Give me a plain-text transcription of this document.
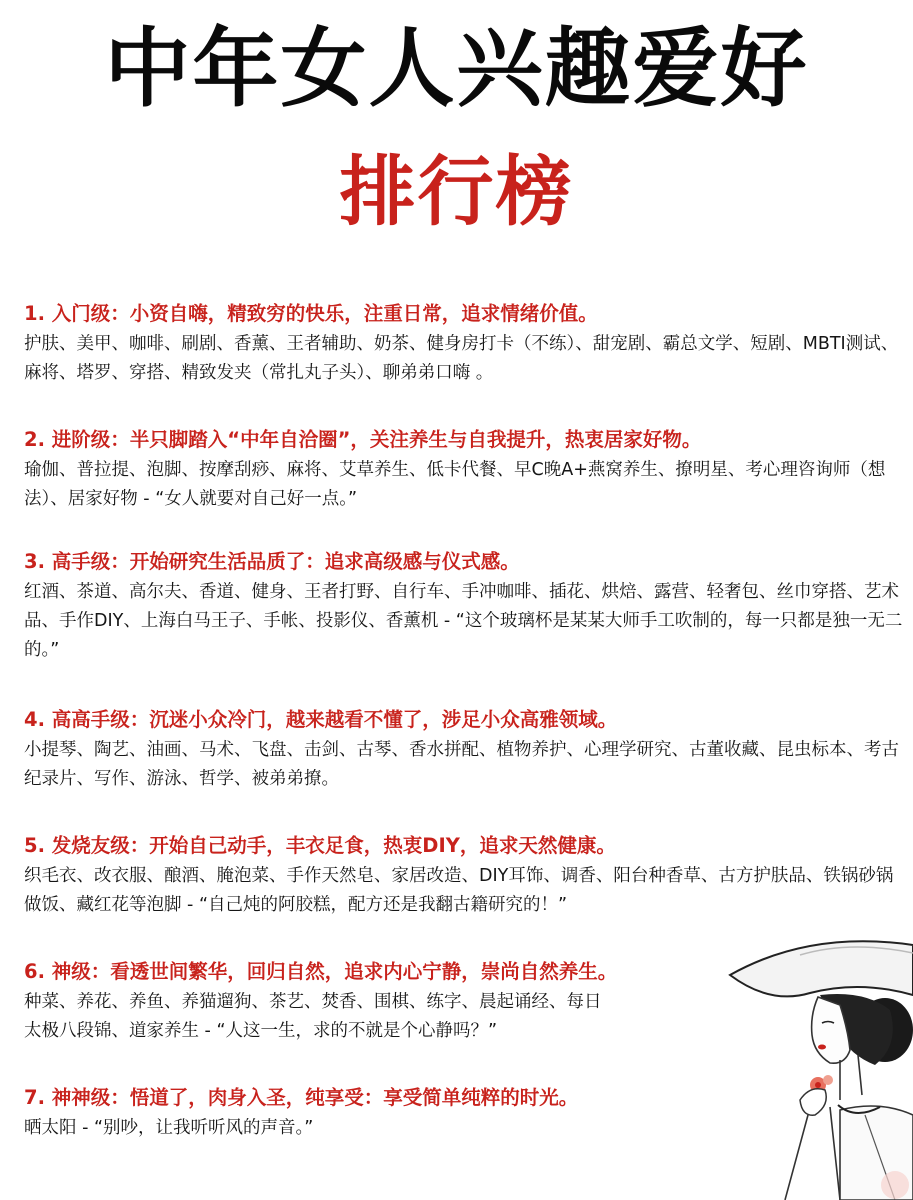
中年女人兴趣爱好
排行榜
1. 入门级：小资自嗨，精致穷的快乐，注重日常，追求情绪价值。
护肤、美甲、咖啡、刷剧、香薰、王者辅助、奶茶、健身房打卡（不练）、甜宠剧、霸总文学、短剧、MBTI测试、麻将、塔罗、穿搭、精致发夹（常扎丸子头）、聊弟弟口嗨 。
2. 进阶级：半只脚踏入“中年自洽圈”，关注养生与自我提升，热衷居家好物。
瑜伽、普拉提、泡脚、按摩刮痧、麻将、艾草养生、低卡代餐、早C晚A+燕窝养生、撩明星、考心理咨询师（想法）、居家好物 - “女人就要对自己好一点。”
3. 高手级：开始研究生活品质了：追求高级感与仪式感。
红酒、茶道、高尔夫、香道、健身、王者打野、自行车、手冲咖啡、插花、烘焙、露营、轻奢包、丝巾穿搭、艺术品、手作DIY、上海白马王子、手帐、投影仪、香薰机 - “这个玻璃杯是某某大师手工吹制的，每一只都是独一无二的。”
4. 高高手级：沉迷小众冷门，越来越看不懂了，涉足小众高雅领域。
小提琴、陶艺、油画、马术、飞盘、击剑、古琴、香水拼配、植物养护、心理学研究、古董收藏、昆虫标本、考古纪录片、写作、游泳、哲学、被弟弟撩。
5. 发烧友级：开始自己动手，丰衣足食，热衷DIY，追求天然健康。
织毛衣、改衣服、酿酒、腌泡菜、手作天然皂、家居改造、DIY耳饰、调香、阳台种香草、古方护肤品、铁锅砂锅做饭、藏红花等泡脚 - “自己炖的阿胶糕，配方还是我翻古籍研究的！”
6. 神级：看透世间繁华，回归自然，追求内心宁静，崇尚自然养生。
种菜、养花、养鱼、养猫遛狗、茶艺、焚香、围棋、练字、晨起诵经、每日
太极八段锦、道家养生 - “人这一生，求的不就是个心静吗？”
7. 神神级：悟道了，肉身入圣，纯享受：享受简单纯粹的时光。
晒太阳 - “别吵，让我听听风的声音。”
